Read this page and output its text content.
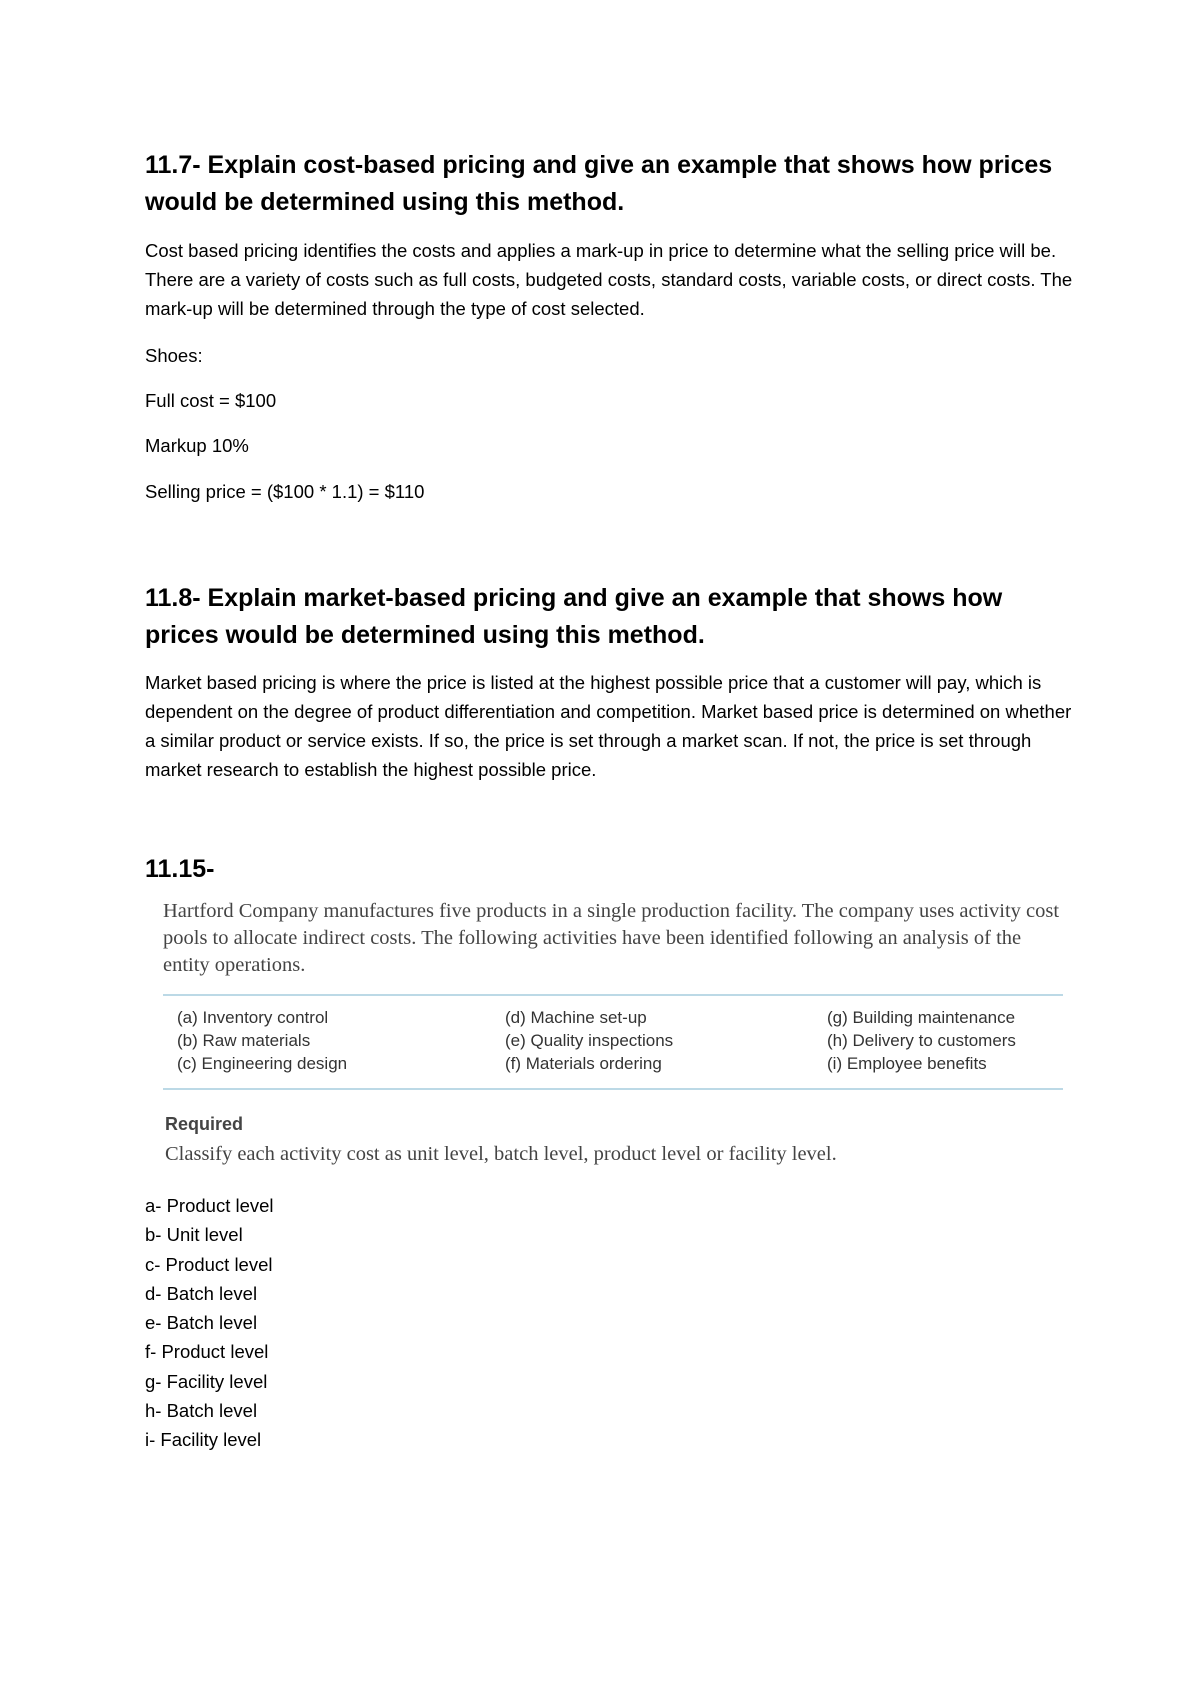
11.7- Explain cost-based pricing and give an example that shows how prices would be determined using this method.

Cost based pricing identifies the costs and applies a mark-up in price to determine what the selling price will be. There are a variety of costs such as full costs, budgeted costs, standard costs, variable costs, or direct costs. The mark-up will be determined through the type of cost selected.

Shoes:

Full cost = $100

Markup 10%

Selling price = ($100 * 1.1) = $110

11.8- Explain market-based pricing and give an example that shows how prices would be determined using this method.

Market based pricing is where the price is listed at the highest possible price that a customer will pay, which is dependent on the degree of product differentiation and competition. Market based price is determined on whether a similar product or service exists. If so, the price is set through a market scan. If not, the price is set through market research to establish the highest possible price.

11.15-

Hartford Company manufactures five products in a single production facility. The company uses activity cost pools to allocate indirect costs. The following activities have been identified following an analysis of the entity operations.

(a) Inventory control
(b) Raw materials
(c) Engineering design
(d) Machine set-up
(e) Quality inspections
(f) Materials ordering
(g) Building maintenance
(h) Delivery to customers
(i) Employee benefits

Required

Classify each activity cost as unit level, batch level, product level or facility level.

a- Product level
b- Unit level
c- Product level
d- Batch level
e- Batch level
f- Product level
g- Facility level
h- Batch level
i- Facility level
